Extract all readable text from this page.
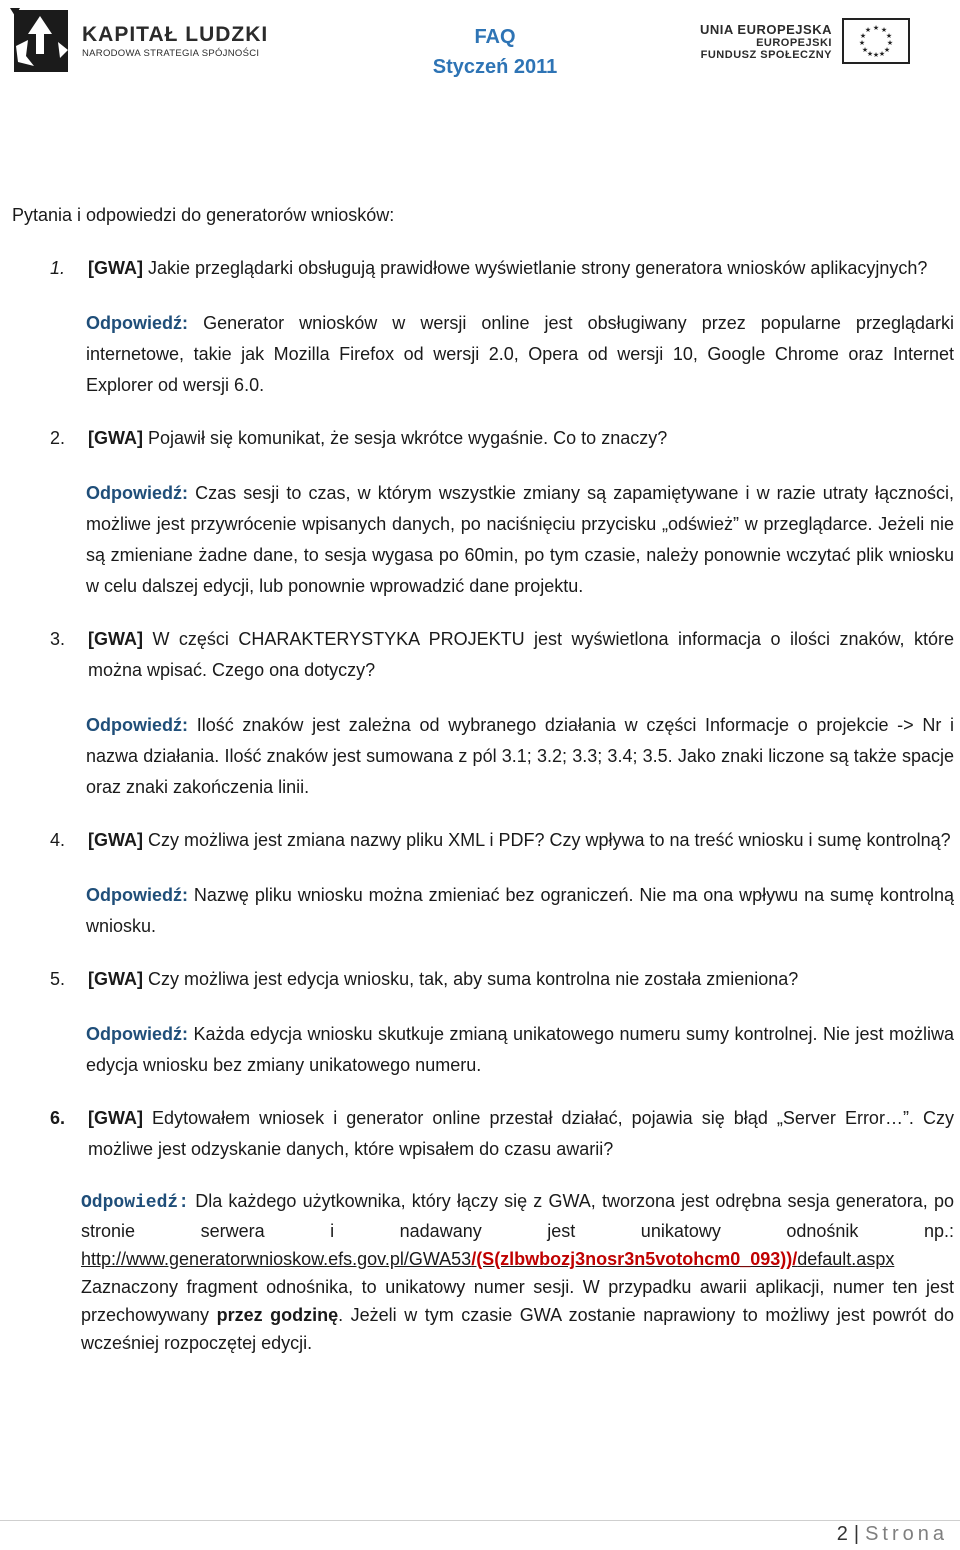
KAPITAŁ LUDZKI
NARODOWA STRATEGIA SPÓJNOŚCI
FAQ
Styczeń 2011
UNIA EUROPEJSKA
EUROPEJSKI
FUNDUSZ SPOŁECZNY
★ ★
★
★
★
★
★
★
★
★
★
★

Pytania i odpowiedzi do generatorów wniosków:

1.	[GWA] Jakie przeglądarki obsługują prawidłowe wyświetlanie strony generatora wniosków aplikacyjnych?
Odpowiedź: Generator wniosków w wersji online jest obsługiwany przez popularne przeglądarki internetowe, takie jak Mozilla Firefox od wersji 2.0, Opera od wersji 10, Google Chrome oraz Internet Explorer od wersji 6.0.
2.	[GWA] Pojawił się komunikat, że sesja wkrótce wygaśnie. Co to znaczy?
Odpowiedź: Czas sesji to czas, w którym wszystkie zmiany są zapamiętywane i w razie utraty łączności, możliwe jest przywrócenie wpisanych danych, po naciśnięciu przycisku „odśwież” w przeglądarce. Jeżeli nie są zmieniane żadne dane, to sesja wygasa po 60min, po tym czasie, należy ponownie wczytać plik wniosku w celu dalszej edycji, lub ponownie wprowadzić dane projektu.
3.	[GWA] W części CHARAKTERYSTYKA PROJEKTU jest wyświetlona informacja o ilości znaków, które można wpisać. Czego ona dotyczy?
Odpowiedź: Ilość znaków jest zależna od wybranego działania w części Informacje o projekcie -> Nr i nazwa działania. Ilość znaków jest sumowana z pól 3.1; 3.2; 3.3; 3.4; 3.5. Jako znaki liczone są także spacje oraz znaki zakończenia linii.
4.	[GWA] Czy możliwa jest zmiana nazwy pliku XML i PDF? Czy wpływa to na treść wniosku i sumę kontrolną?
Odpowiedź: Nazwę pliku wniosku można zmieniać bez ograniczeń. Nie ma ona wpływu na sumę kontrolną wniosku.
5.	[GWA] Czy możliwa jest edycja wniosku, tak, aby suma kontrolna nie została zmieniona?
Odpowiedź: Każda edycja wniosku skutkuje zmianą unikatowego numeru sumy kontrolnej. Nie jest możliwa edycja wniosku bez zmiany unikatowego numeru.
6.	[GWA] Edytowałem wniosek i generator online przestał działać, pojawia się błąd „Server Error…”. Czy możliwe jest odzyskanie danych, które wpisałem do czasu awarii?
Odpowiedź: Dla każdego użytkownika, który łączy się z GWA, tworzona jest odrębna sesja generatora, po stronie serwera i nadawany jest unikatowy odnośnik np.: http://www.generatorwnioskow.efs.gov.pl/GWA53/(S(zlbwbozj3nosr3n5votohcm0_093))/default.aspx
Zaznaczony fragment odnośnika, to unikatowy numer sesji. W przypadku awarii aplikacji, numer ten jest przechowywany przez godzinę. Jeżeli w tym czasie GWA zostanie naprawiony to możliwy jest powrót do wcześniej rozpoczętej edycji.
2 | Strona
